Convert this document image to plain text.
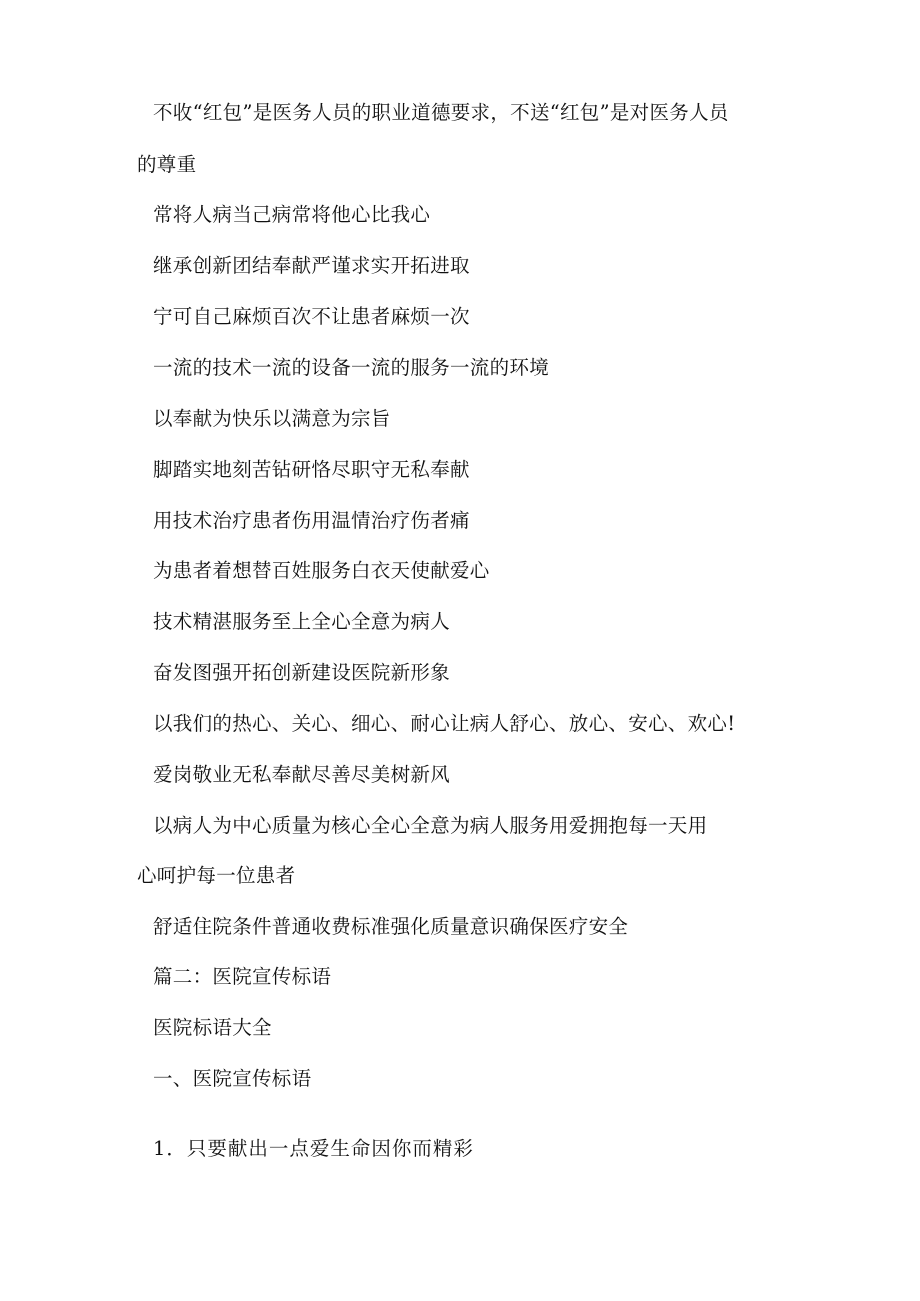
不收“红包”是医务人员的职业道德要求，不送“红包”是对医务人员
的尊重
常将人病当己病常将他心比我心
继承创新团结奉献严谨求实开拓进取
宁可自己麻烦百次不让患者麻烦一次
一流的技术一流的设备一流的服务一流的环境
以奉献为快乐以满意为宗旨
脚踏实地刻苦钻研恪尽职守无私奉献
用技术治疗患者伤用温情治疗伤者痛
为患者着想替百姓服务白衣天使献爱心
技术精湛服务至上全心全意为病人
奋发图强开拓创新建设医院新形象
以我们的热心、关心、细心、耐心让病人舒心、放心、安心、欢心!
爱岗敬业无私奉献尽善尽美树新风
以病人为中心质量为核心全心全意为病人服务用爱拥抱每一天用
心呵护每一位患者
舒适住院条件普通收费标准强化质量意识确保医疗安全
篇二：医院宣传标语
医院标语大全
一、医院宣传标语
1．只要献出一点爱生命因你而精彩
